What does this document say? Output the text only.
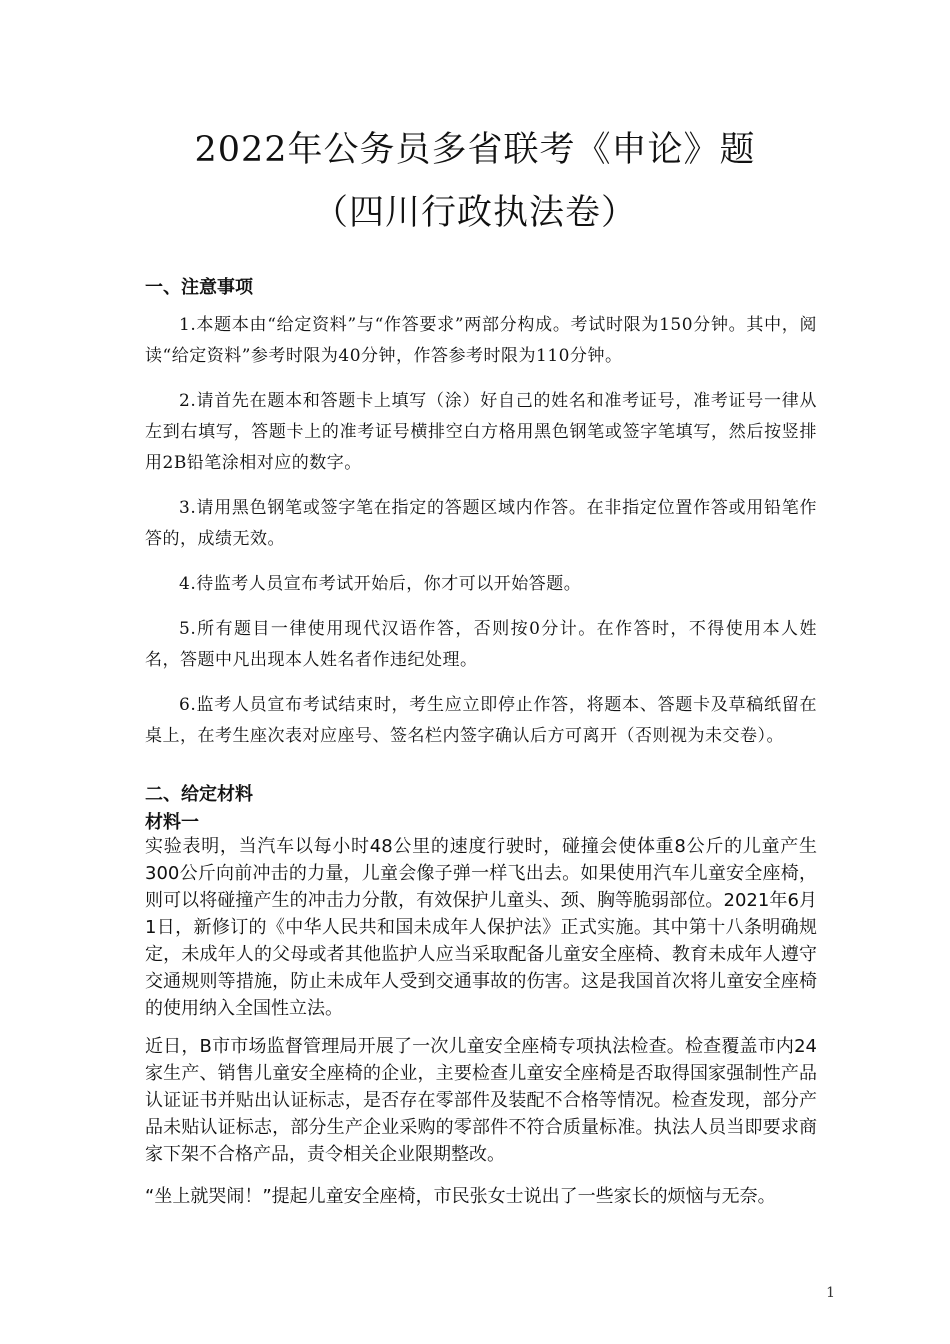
2022年公务员多省联考《申论》题
（四川行政执法卷）
一、注意事项

1.本题本由“给定资料”与“作答要求”两部分构成。考试时限为150分钟。其中，阅读“给定资料”参考时限为40分钟，作答参考时限为110分钟。

2.请首先在题本和答题卡上填写（涂）好自己的姓名和准考证号，准考证号一律从左到右填写，答题卡上的准考证号横排空白方格用黑色钢笔或签字笔填写，然后按竖排用2B铅笔涂相对应的数字。

3.请用黑色钢笔或签字笔在指定的答题区域内作答。在非指定位置作答或用铅笔作答的，成绩无效。

4.待监考人员宣布考试开始后，你才可以开始答题。

5.所有题目一律使用现代汉语作答，否则按0分计。在作答时，不得使用本人姓名，答题中凡出现本人姓名者作违纪处理。

6.监考人员宣布考试结束时，考生应立即停止作答，将题本、答题卡及草稿纸留在桌上，在考生座次表对应座号、签名栏内签字确认后方可离开（否则视为未交卷）。

二、给定材料
材料一

实验表明，当汽车以每小时48公里的速度行驶时，碰撞会使体重8公斤的儿童产生300公斤向前冲击的力量，儿童会像子弹一样飞出去。如果使用汽车儿童安全座椅，则可以将碰撞产生的冲击力分散，有效保护儿童头、颈、胸等脆弱部位。2021年6月1日，新修订的《中华人民共和国未成年人保护法》正式实施。其中第十八条明确规定，未成年人的父母或者其他监护人应当采取配备儿童安全座椅、教育未成年人遵守交通规则等措施，防止未成年人受到交通事故的伤害。这是我国首次将儿童安全座椅的使用纳入全国性立法。

近日，B市市场监督管理局开展了一次儿童安全座椅专项执法检查。检查覆盖市内24家生产、销售儿童安全座椅的企业，主要检查儿童安全座椅是否取得国家强制性产品认证证书并贴出认证标志，是否存在零部件及装配不合格等情况。检查发现，部分产品未贴认证标志，部分生产企业采购的零部件不符合质量标准。执法人员当即要求商家下架不合格产品，责令相关企业限期整改。

“坐上就哭闹！”提起儿童安全座椅，市民张女士说出了一些家长的烦恼与无奈。

1
